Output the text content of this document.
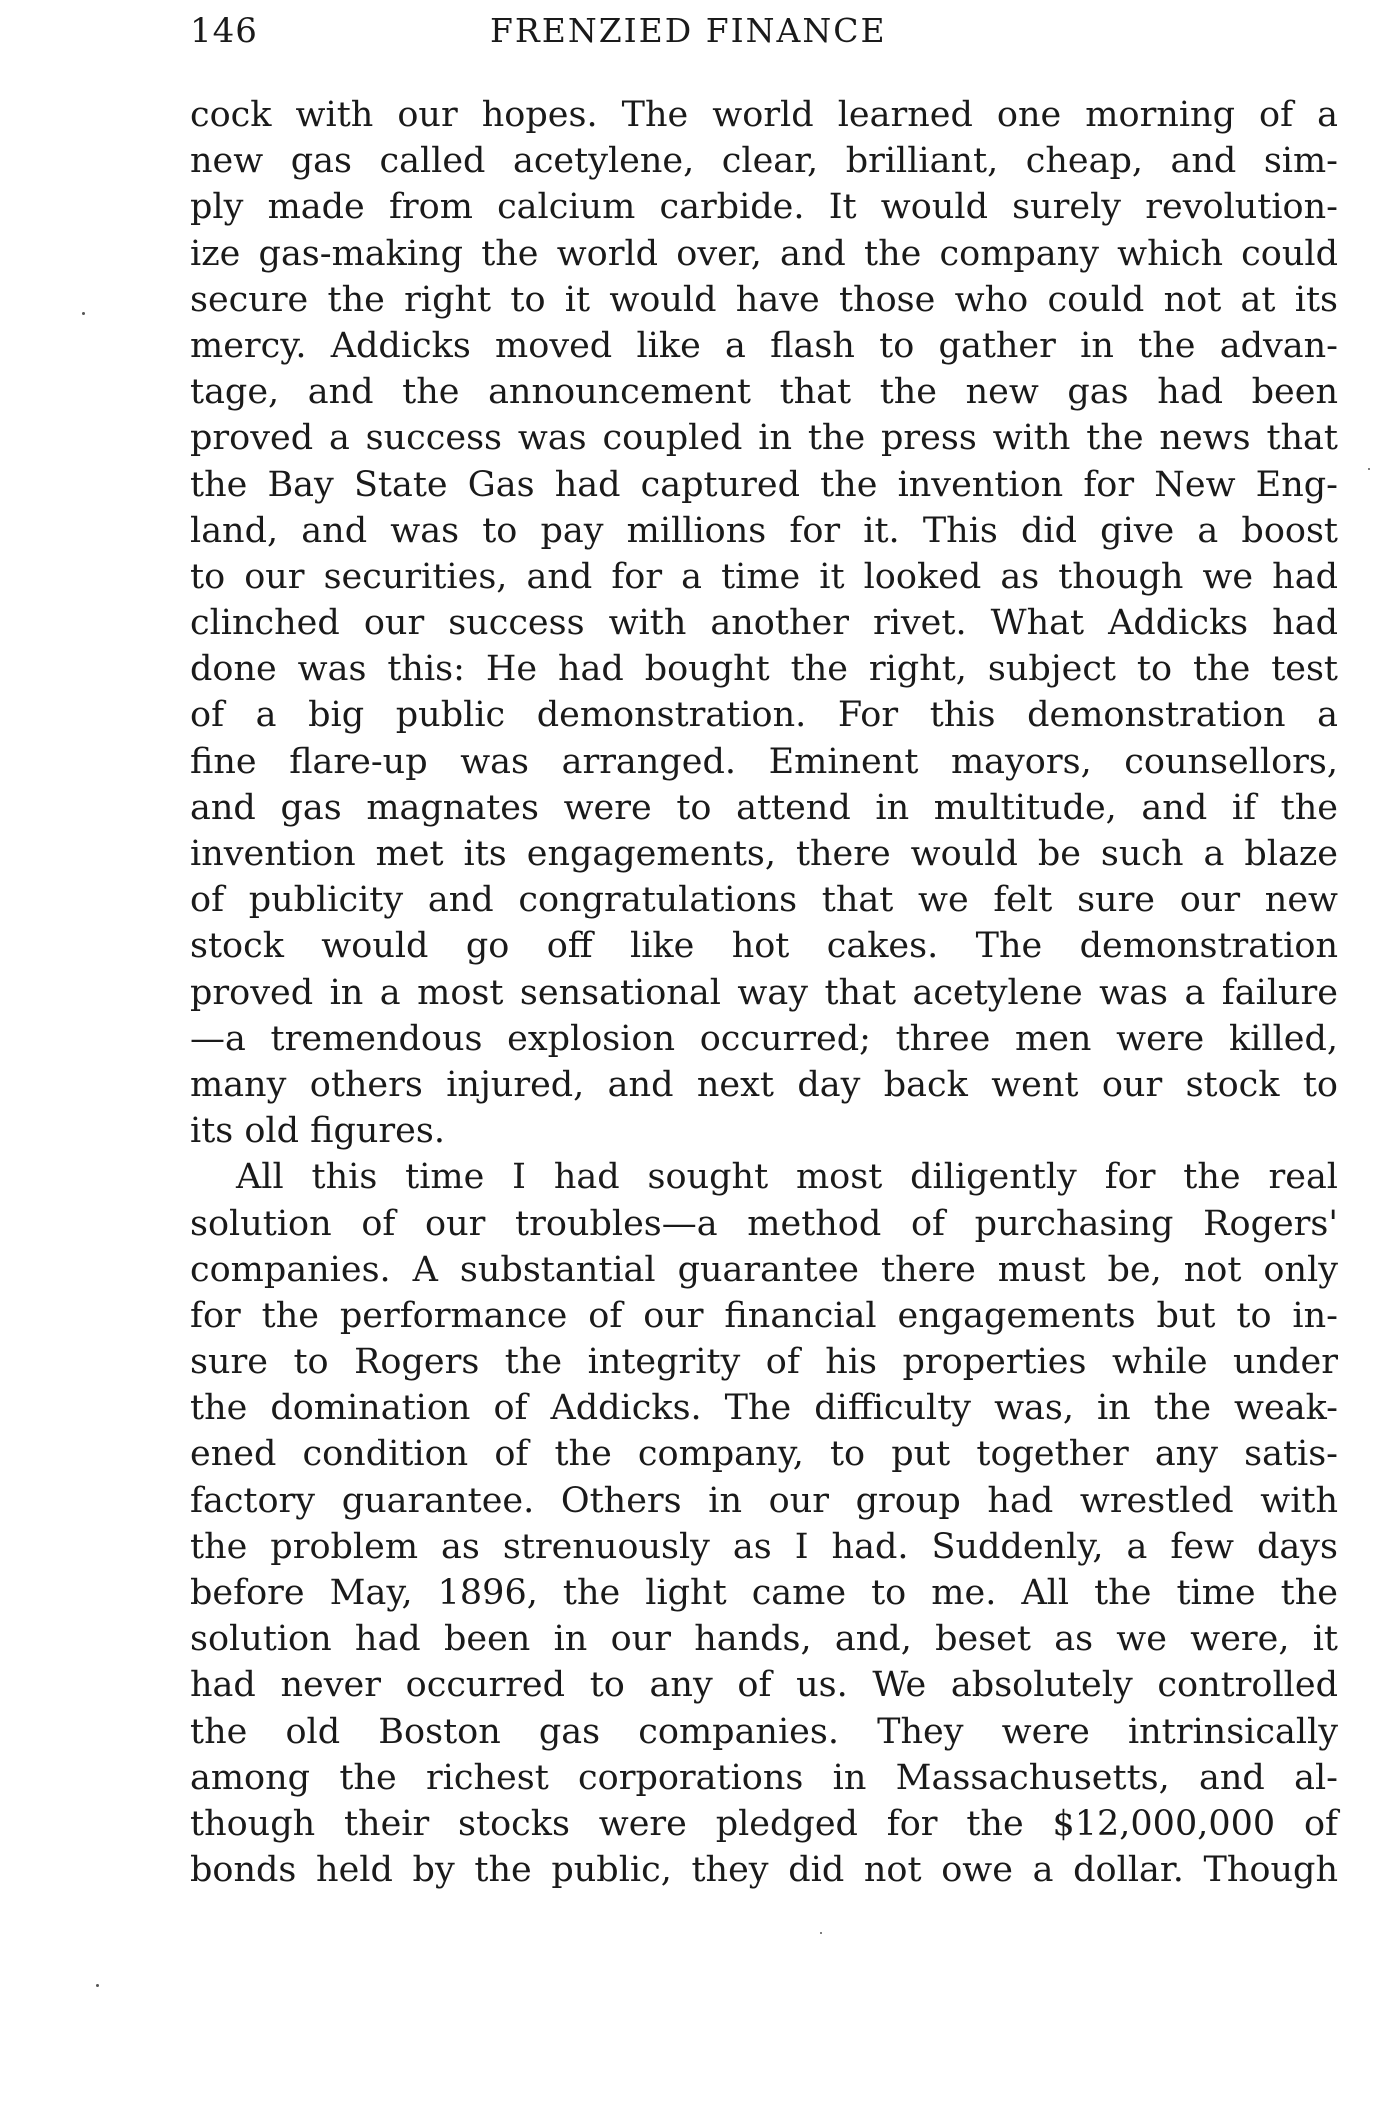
146	FRENZIED FINANCE
cock with our hopes. The world learned one morning of a
new gas called acetylene, clear, brilliant, cheap, and sim-
ply made from calcium carbide. It would surely revolution-
ize gas-making the world over, and the company which could
secure the right to it would have those who could not at its
mercy. Addicks moved like a flash to gather in the advan-
tage, and the announcement that the new gas had been
proved a success was coupled in the press with the news that
the Bay State Gas had captured the invention for New Eng-
land, and was to pay millions for it. This did give a boost
to our securities, and for a time it looked as though we had
clinched our success with another rivet. What Addicks had
done was this: He had bought the right, subject to the test
of a big public demonstration. For this demonstration a
fine flare-up was arranged. Eminent mayors, counsellors,
and gas magnates were to attend in multitude, and if the
invention met its engagements, there would be such a blaze
of publicity and congratulations that we felt sure our new
stock would go off like hot cakes. The demonstration
proved in a most sensational way that acetylene was a failure
—a tremendous explosion occurred; three men were killed,
many others injured, and next day back went our stock to
its old figures.
All this time I had sought most diligently for the real
solution of our troubles—a method of purchasing Rogers'
companies. A substantial guarantee there must be, not only
for the performance of our financial engagements but to in-
sure to Rogers the integrity of his properties while under
the domination of Addicks. The difficulty was, in the weak-
ened condition of the company, to put together any satis-
factory guarantee. Others in our group had wrestled with
the problem as strenuously as I had. Suddenly, a few days
before May, 1896, the light came to me. All the time the
solution had been in our hands, and, beset as we were, it
had never occurred to any of us. We absolutely controlled
the old Boston gas companies. They were intrinsically
among the richest corporations in Massachusetts, and al-
though their stocks were pledged for the $12,000,000 of
bonds held by the public, they did not owe a dollar. Though
